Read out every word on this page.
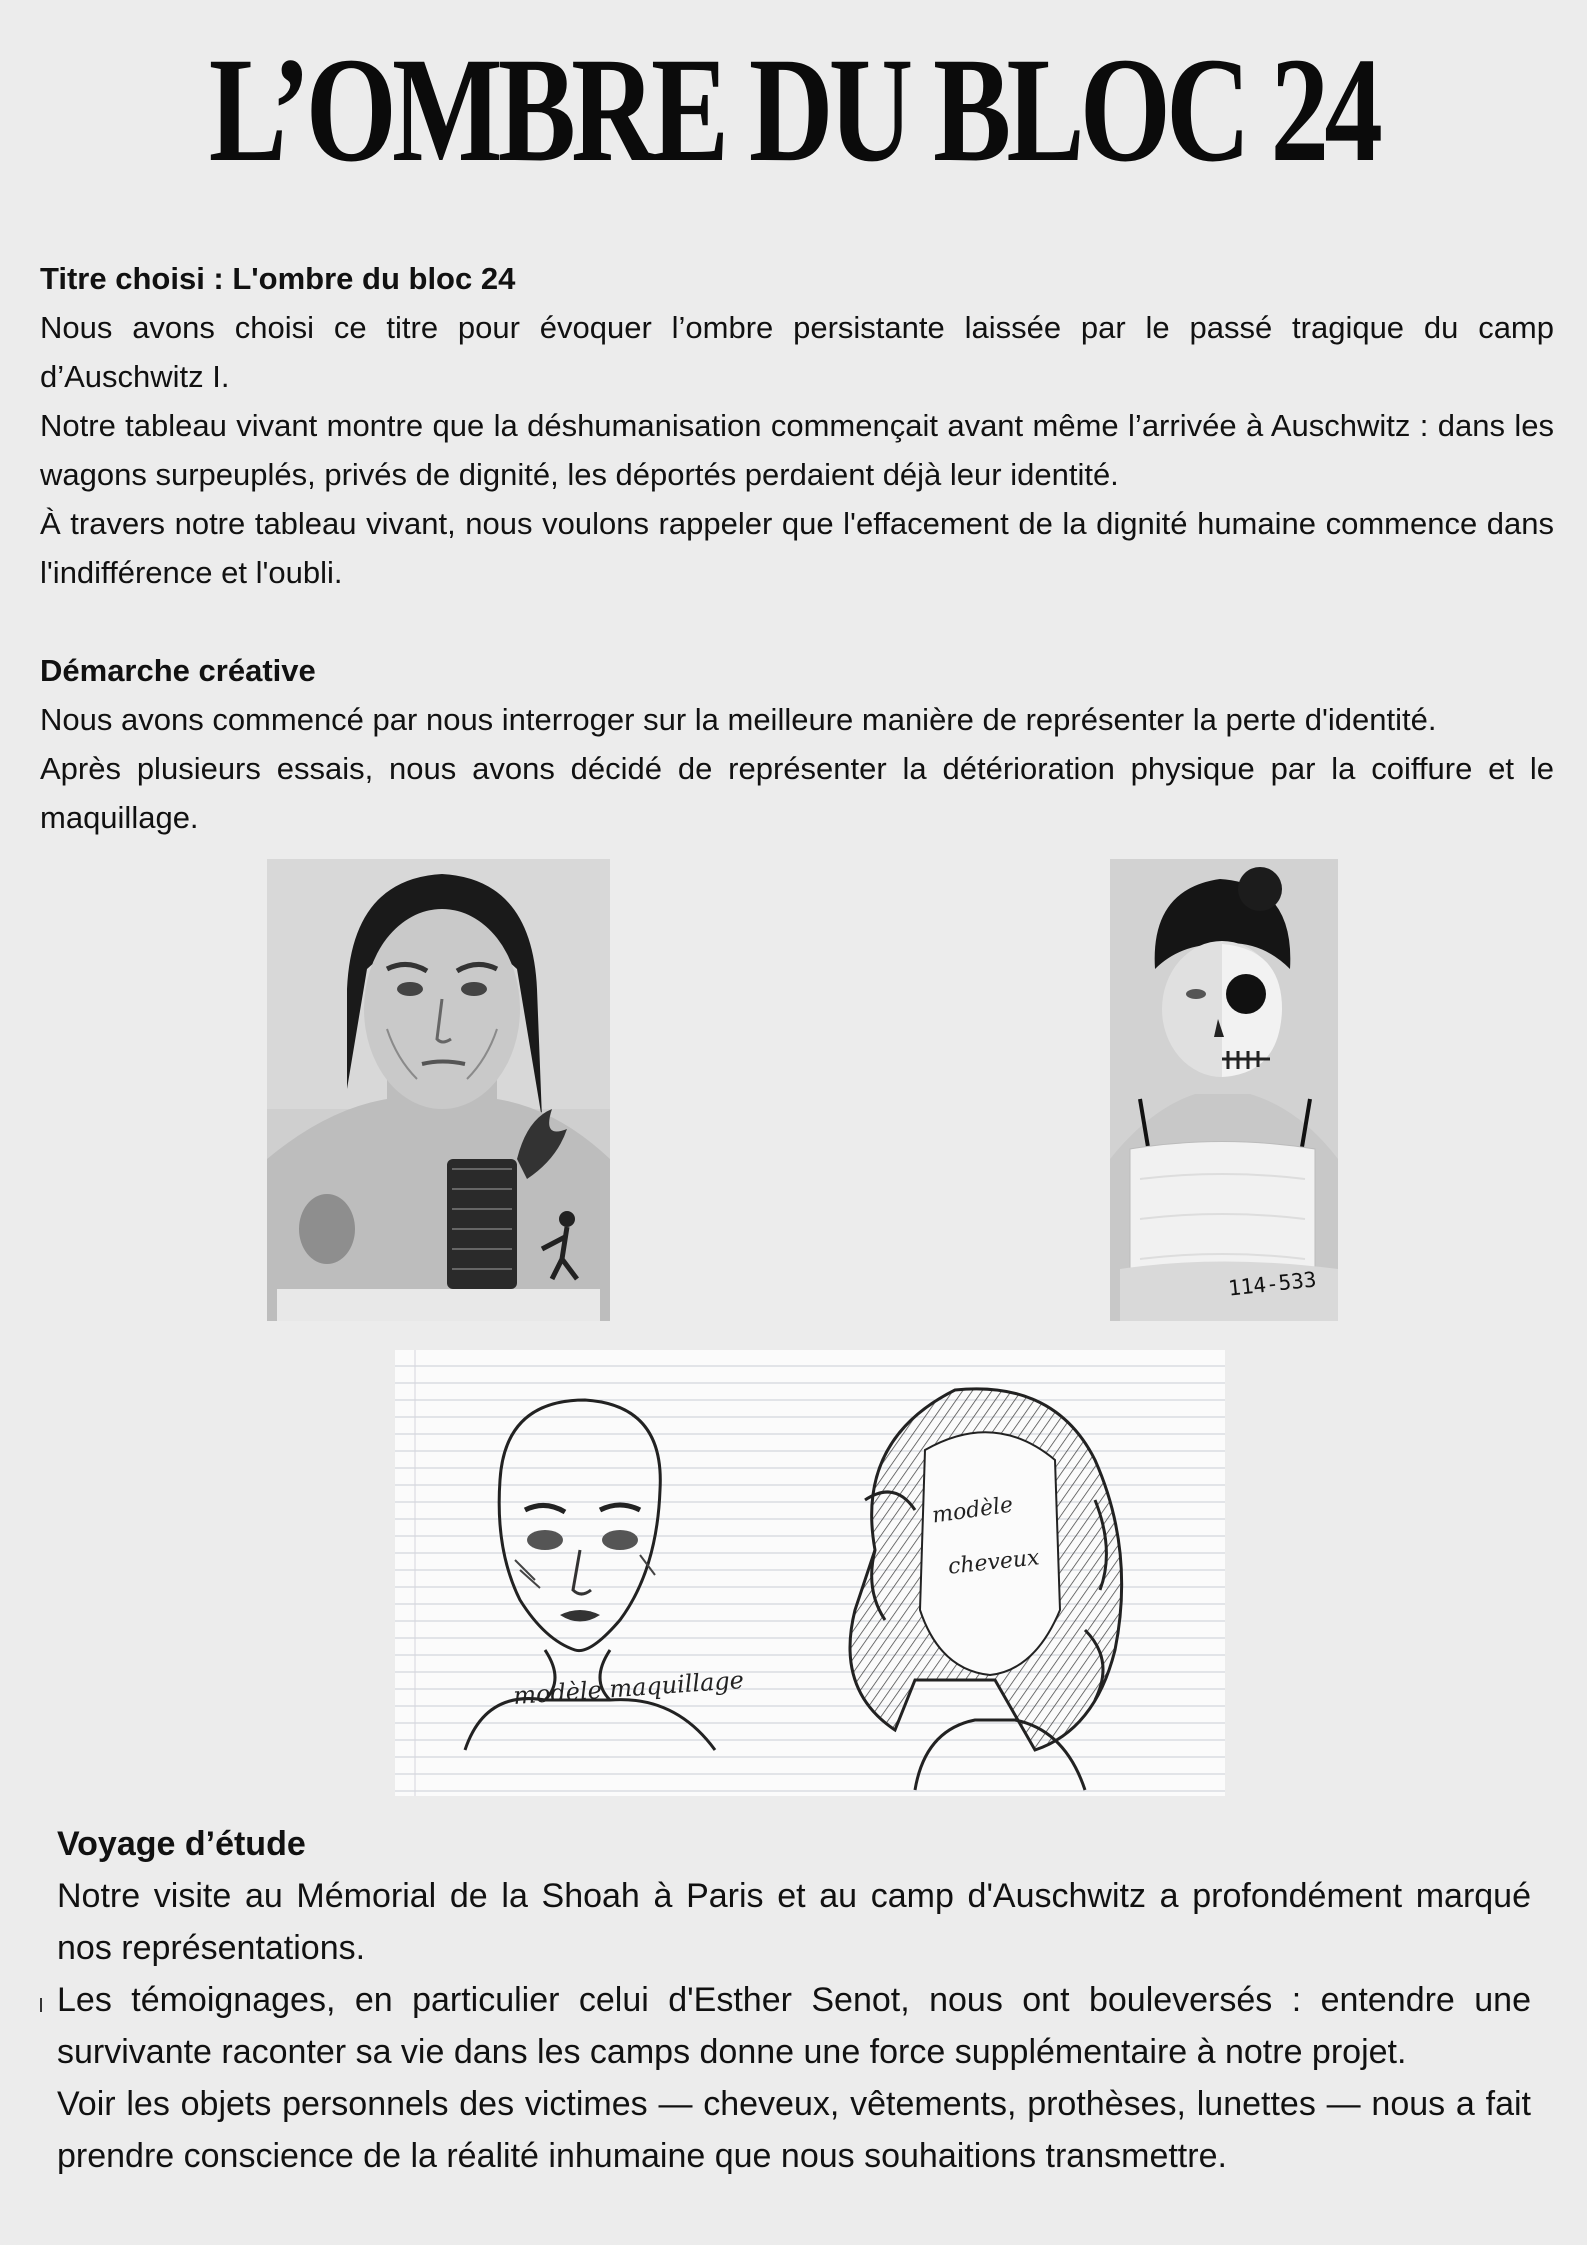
L’OMBRE DU BLOC 24
Titre choisi : L'ombre du bloc 24

Nous avons choisi ce titre pour évoquer l’ombre persistante laissée par le passé tragique du camp d’Auschwitz I.

Notre tableau vivant montre que la déshumanisation commençait avant même l’arrivée à Auschwitz : dans les wagons surpeuplés, privés de dignité, les déportés perdaient déjà leur identité.

À travers notre tableau vivant, nous voulons rappeler que l'effacement de la dignité humaine commence dans l'indifférence et l'oubli.

Démarche créative

Nous avons commencé par nous interroger sur la meilleure manière de représenter la perte d'identité.

Après plusieurs essais, nous avons décidé de représenter la détérioration physique par la coiffure et le maquillage.

114-533
modèle maquillage
modèle
cheveux
Voyage d’étude

Notre visite au Mémorial de la Shoah à Paris et au camp d'Auschwitz a profondément marqué nos représentations.

Les témoignages, en particulier celui d'Esther Senot, nous ont bouleversés : entendre une survivante raconter sa vie dans les camps donne une force supplémentaire à notre projet.

Voir les objets personnels des victimes — cheveux, vêtements, prothèses, lunettes — nous a fait prendre conscience de la réalité inhumaine que nous souhaitions transmettre.
